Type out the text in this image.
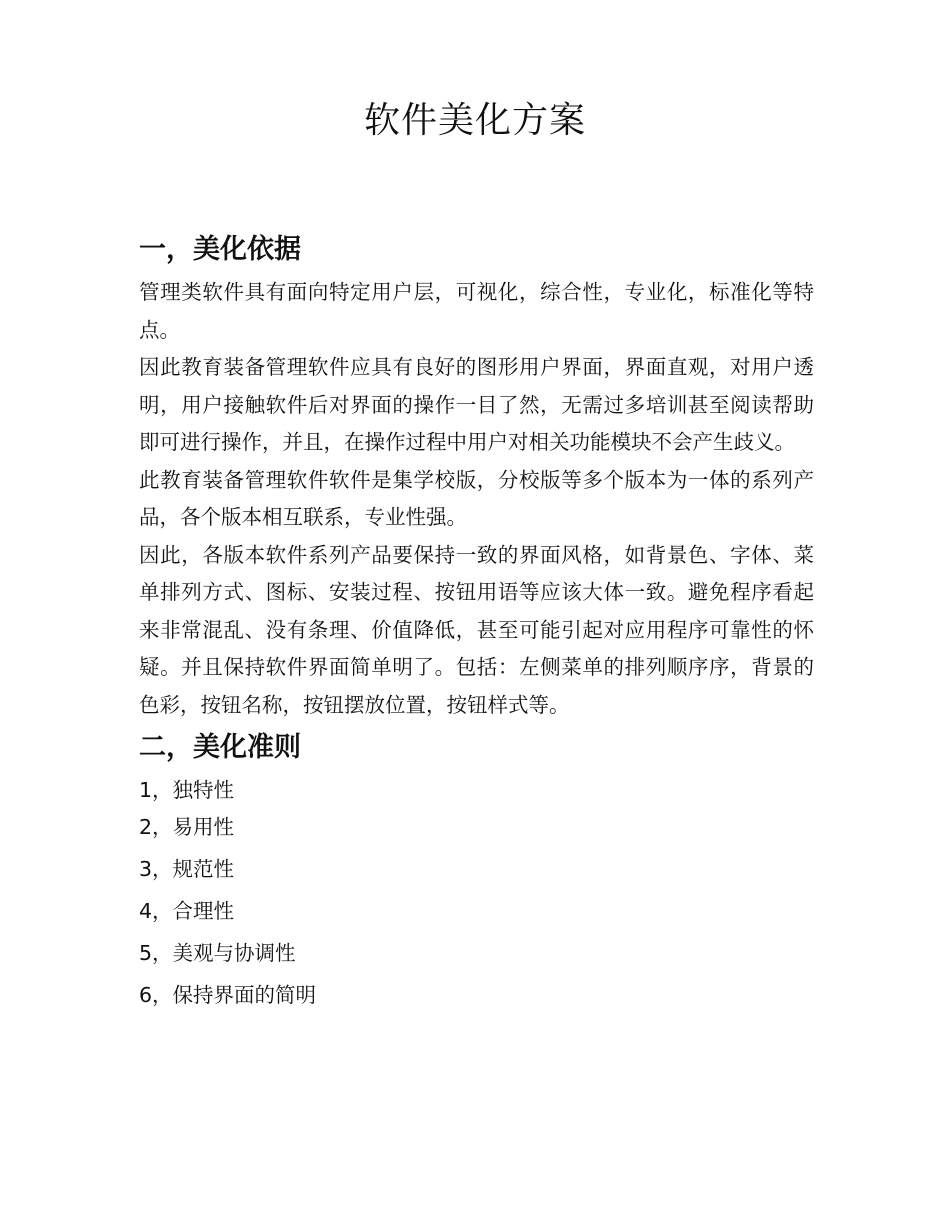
软件美化方案
一，美化依据

管理类软件具有面向特定用户层，可视化，综合性，专业化，标准化等特点。

因此教育装备管理软件应具有良好的图形用户界面，界面直观，对用户透明，用户接触软件后对界面的操作一目了然，无需过多培训甚至阅读帮助即可进行操作，并且，在操作过程中用户对相关功能模块不会产生歧义。

此教育装备管理软件软件是集学校版，分校版等多个版本为一体的系列产品，各个版本相互联系，专业性强。

因此，各版本软件系列产品要保持一致的界面风格，如背景色、字体、菜单排列方式、图标、安装过程、按钮用语等应该大体一致。避免程序看起来非常混乱、没有条理、价值降低，甚至可能引起对应用程序可靠性的怀疑。并且保持软件界面简单明了。包括：左侧菜单的排列顺序序，背景的色彩，按钮名称，按钮摆放位置，按钮样式等。

二，美化准则

1，独特性

2，易用性

3，规范性

4，合理性

5，美观与协调性

6，保持界面的简明
